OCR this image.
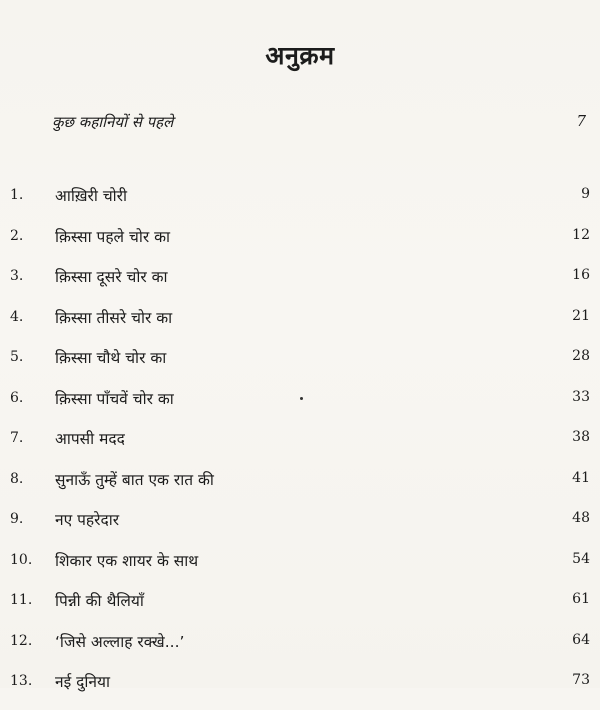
अनुक्रम
कुछ कहानियों से पहले	7
1. आख़िरी चोरी	9
2. क़िस्सा पहले चोर का	12
3. क़िस्सा दूसरे चोर का	16
4. क़िस्सा तीसरे चोर का	21
5. क़िस्सा चौथे चोर का	28
6. क़िस्सा पाँचवें चोर का	33
7. आपसी मदद	38
8. सुनाऊँ तुम्हें बात एक रात की	41
9. नए पहरेदार	48
10. शिकार एक शायर के साथ	54
11. पिन्नी की थैलियाँ	61
12. ‘जिसे अल्लाह रक्खे...’	64
13. नई दुनिया	73
